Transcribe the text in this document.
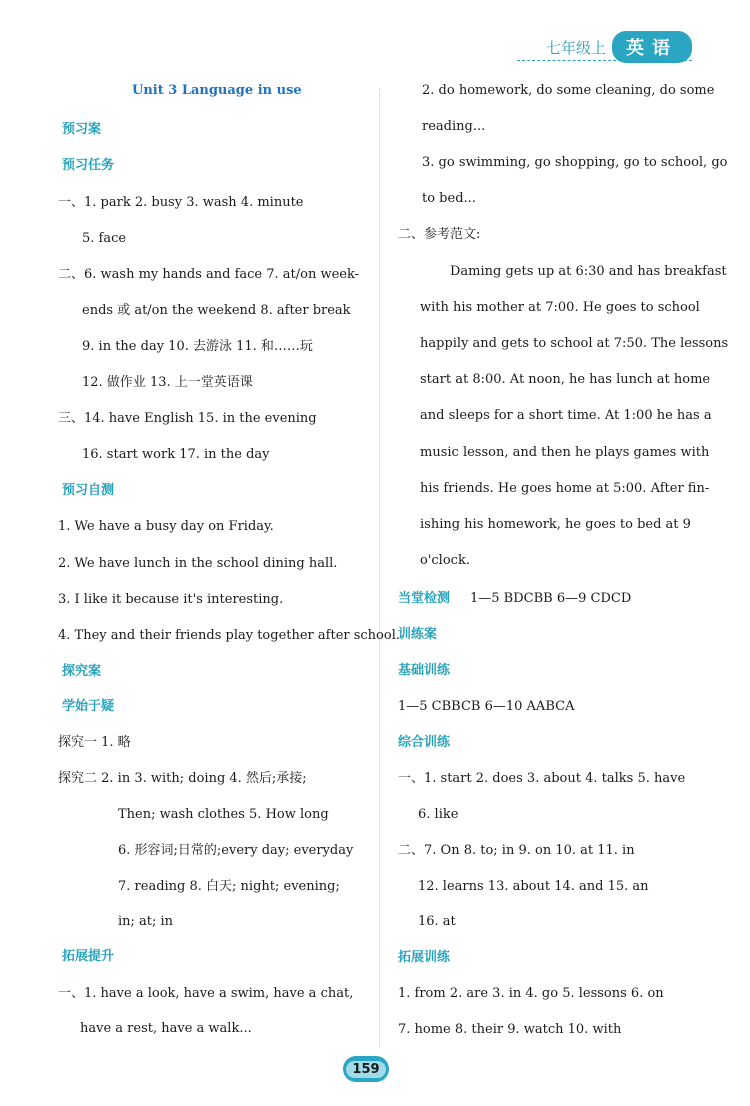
七年级上	英语
Unit 3 Language in use
预习案
预习任务
一、1. park 2. busy 3. wash 4. minute
5. face
二、6. wash my hands and face 7. at/on week-
ends 或 at/on the weekend 8. after break
9. in the day 10. 去游泳 11. 和……玩
12. 做作业 13. 上一堂英语课
三、14. have English 15. in the evening
16. start work 17. in the day
预习自测
1. We have a busy day on Friday.
2. We have lunch in the school dining hall.
3. I like it because it's interesting.
4. They and their friends play together after school.
探究案
学始于疑
探究一 1. 略
探究二 2. in 3. with; doing 4. 然后;承接;
Then; wash clothes 5. How long
6. 形容词;日常的;every day; everyday
7. reading 8. 白天; night; evening;
in; at; in
拓展提升
一、1. have a look, have a swim, have a chat,
have a rest, have a walk...
2. do homework, do some cleaning, do some
reading...
3. go swimming, go shopping, go to school, go
to bed...
二、参考范文:
Daming gets up at 6:30 and has breakfast
with his mother at 7:00. He goes to school
happily and gets to school at 7:50. The lessons
start at 8:00. At noon, he has lunch at home
and sleeps for a short time. At 1:00 he has a
music lesson, and then he plays games with
his friends. He goes home at 5:00. After fin-
ishing his homework, he goes to bed at 9
o'clock.
当堂检测 1—5 BDCBB 6—9 CDCD
训练案
基础训练
1—5 CBBCB 6—10 AABCA
综合训练
一、1. start 2. does 3. about 4. talks 5. have
6. like
二、7. On 8. to; in 9. on 10. at 11. in
12. learns 13. about 14. and 15. an
16. at
拓展训练
1. from 2. are 3. in 4. go 5. lessons 6. on
7. home 8. their 9. watch 10. with
159
